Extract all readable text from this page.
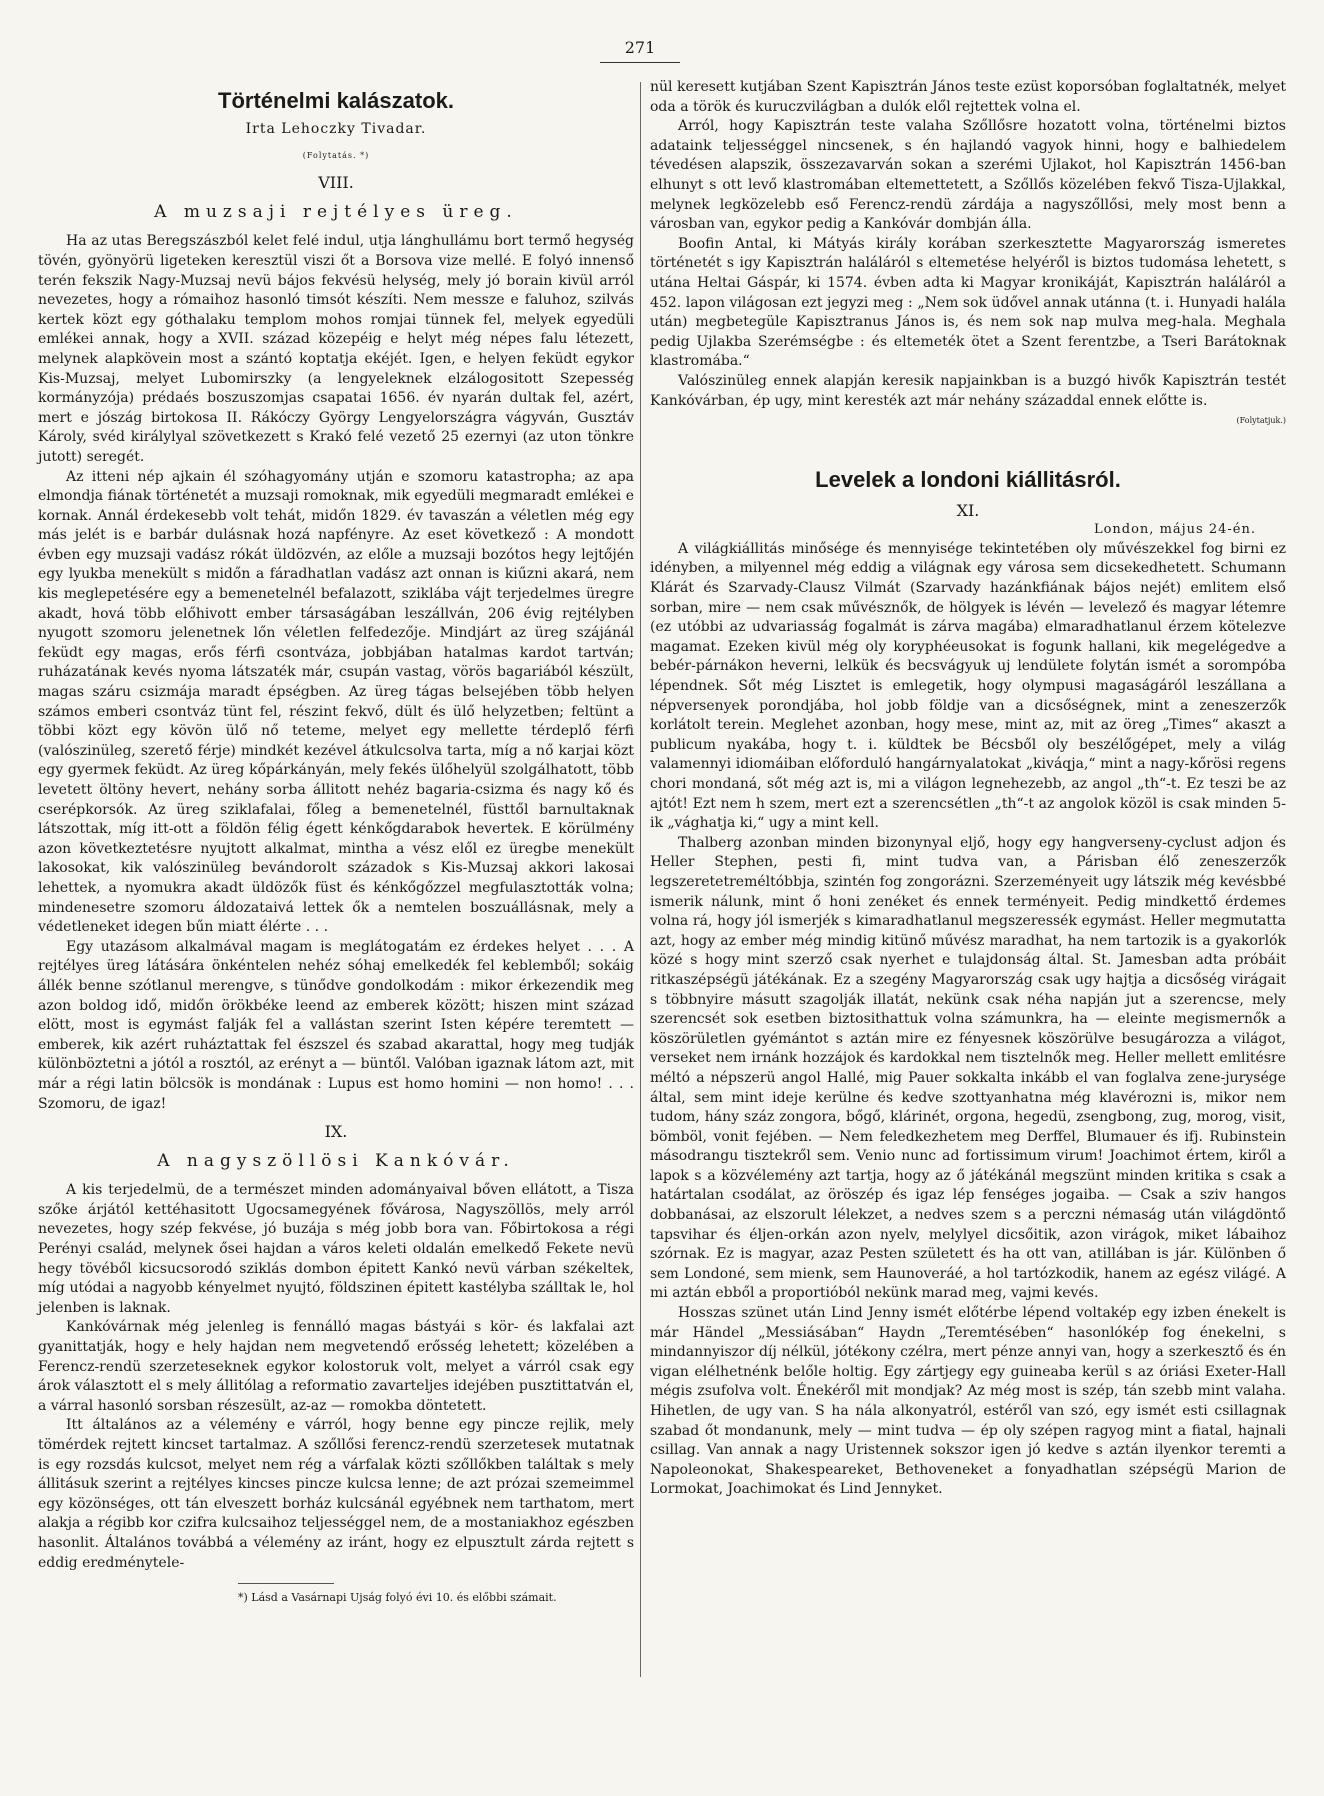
271

Történelmi kalászatok.

Irta Lehoczky Tivadar.

(Folytatás. *)

VIII.

A muzsaji rejtélyes üreg.

Ha az utas Beregszászból kelet felé indul, utja lánghullámu bort termő hegység tövén, gyönyörü ligeteken keresztül viszi őt a Borsova vize mellé. E folyó innenső terén fekszik Nagy-Muzsaj nevü bájos fekvésü helység, mely jó borain kivül arról nevezetes, hogy a rómaihoz hasonló timsót készíti. Nem messze e faluhoz, szilvás kertek közt egy góthalaku templom mohos romjai tünnek fel, melyek egyedüli emlékei annak, hogy a XVII. század közepéig e helyt még népes falu létezett, melynek alapkövein most a szántó koptatja ekéjét. Igen, e helyen feküdt egykor Kis-Muzsaj, melyet Lubomirszky (a lengyeleknek elzálogositott Szepesség kormányzója) prédaés boszuszomjas csapatai 1656. év nyarán dultak fel, azért, mert e jószág birtokosa II. Rákóczy György Lengyelországra vágyván, Gusztáv Károly, svéd királylyal szövetkezett s Krakó felé vezető 25 ezernyi (az uton tönkre jutott) seregét.

Az itteni nép ajkain él szóhagyomány utján e szomoru katastropha; az apa elmondja fiának történetét a muzsaji romoknak, mik egyedüli megmaradt emlékei e kornak. Annál érdekesebb volt tehát, midőn 1829. év tavaszán a véletlen még egy más jelét is e barbár dulásnak hozá napfényre. Az eset következő : A mondott évben egy muzsaji vadász rókát üldözvén, az előle a muzsaji bozótos hegy lejtőjén egy lyukba menekült s midőn a fáradhatlan vadász azt onnan is kiűzni akará, nem kis meglepetésére egy a bemenetelnél befalazott, sziklába vájt terjedelmes üregre akadt, hová több előhivott ember társaságában leszállván, 206 évig rejtélyben nyugott szomoru jelenetnek lőn véletlen felfedezője. Mindjárt az üreg szájánál feküdt egy magas, erős férfi csontváza, jobbjában hatalmas kardot tartván; ruházatának kevés nyoma látszaték már, csupán vastag, vörös bagariából készült, magas száru csizmája maradt épségben. Az üreg tágas belsejében több helyen számos emberi csontváz tünt fel, részint fekvő, dült és ülő helyzetben; feltünt a többi közt egy kövön ülő nő teteme, melyet egy mellette térdeplő férfi (valószinüleg, szerető férje) mindkét kezével átkulcsolva tarta, míg a nő karjai közt egy gyermek feküdt. Az üreg kőpárkányán, mely fekés ülőhelyül szolgálhatott, több levetett öltöny hevert, nehány sorba állitott nehéz bagaria-csizma és nagy kő és cserépkorsók. Az üreg sziklafalai, főleg a bemenetelnél, füsttől barnultaknak látszottak, míg itt-ott a földön félig égett kénkőgdarabok hevertek. E körülmény azon következtetésre nyujtott alkalmat, mintha a vész elől ez üregbe menekült lakosokat, kik valószinüleg bevándorolt századok s Kis-Muzsaj akkori lakosai lehettek, a nyomukra akadt üldözők füst és kénkőgőzzel megfulasztották volna; mindenesetre szomoru áldozataivá lettek ők a nemtelen boszuállásnak, mely a védetleneket idegen bűn miatt élérte . . .

Egy utazásom alkalmával magam is meglátogatám ez érdekes helyet . . . A rejtélyes üreg látására önkéntelen nehéz sóhaj emelkedék fel keblemből; sokáig állék benne szótlanul merengve, s tünődve gondolkodám : mikor érkezendik meg azon boldog idő, midőn örökbéke leend az emberek között; hiszen mint század elött, most is egymást falják fel a vallástan szerint Isten képére teremtett — emberek, kik azért ruháztattak fel észszel és szabad akarattal, hogy meg tudják különböztetni a jótól a rosztól, az erényt a — büntől. Valóban igaznak látom azt, mit már a régi latin bölcsök is mondának : Lupus est homo homini — non homo! . . . Szomoru, de igaz!

IX.

A nagyszöllösi Kankóvár.

A kis terjedelmü, de a természet minden adományaival bőven ellátott, a Tisza szőke árjától kettéhasitott Ugocsamegyének fővárosa, Nagyszöllös, mely arról nevezetes, hogy szép fekvése, jó buzája s még jobb bora van. Főbirtokosa a régi Perényi család, melynek ősei hajdan a város keleti oldalán emelkedő Fekete nevü hegy tövéből kicsucsorodó sziklás dombon épitett Kankó nevü várban székeltek, míg utódai a nagyobb kényelmet nyujtó, földszinen épitett kastélyba szálltak le, hol jelenben is laknak.

Kankóvárnak még jelenleg is fennálló magas bástyái s kör- és lakfalai azt gyanittatják, hogy e hely hajdan nem megvetendő erősség lehetett; közelében a Ferencz-rendü szerzeteseknek egykor kolostoruk volt, melyet a várról csak egy árok választott el s mely állitólag a reformatio zavarteljes idejében pusztittatván el, a várral hasonló sorsban részesült, az-az — romokba döntetett.

Itt általános az a vélemény e várról, hogy benne egy pincze rejlik, mely tömérdek rejtett kincset tartalmaz. A szőllősi ferencz-rendü szerzetesek mutatnak is egy rozsdás kulcsot, melyet nem rég a várfalak közti szőllőkben találtak s mely állitásuk szerint a rejtélyes kincses pincze kulcsa lenne; de azt prózai szemeimmel egy közönséges, ott tán elveszett borház kulcsánál egyébnek nem tarthatom, mert alakja a régibb kor czifra kulcsaihoz teljességgel nem, de a mostaniakhoz egészben hasonlit. Általános továbbá a vélemény az iránt, hogy ez elpusztult zárda rejtett s eddig eredménytele-

*) Lásd a Vasárnapi Ujság folyó évi 10. és előbbi számait.

nül keresett kutjában Szent Kapisztrán János teste ezüst koporsóban foglaltatnék, melyet oda a török és kuruczvilágban a dulók elől rejtettek volna el.

Arról, hogy Kapisztrán teste valaha Szőllősre hozatott volna, történelmi biztos adataink teljességgel nincsenek, s én hajlandó vagyok hinni, hogy e balhiedelem tévedésen alapszik, összezavarván sokan a szerémi Ujlakot, hol Kapisztrán 1456-ban elhunyt s ott levő klastromában eltemettetett, a Szőllős közelében fekvő Tisza-Ujlakkal, melynek legközelebb eső Ferencz-rendü zárdája a nagyszőllősi, mely most benn a városban van, egykor pedig a Kankóvár dombján álla.

Boofin Antal, ki Mátyás király korában szerkesztette Magyarország ismeretes történetét s igy Kapisztrán haláláról s eltemetése helyéről is biztos tudomása lehetett, s utána Heltai Gáspár, ki 1574. évben adta ki Magyar kronikáját, Kapisztrán haláláról a 452. lapon világosan ezt jegyzi meg : „Nem sok üdővel annak utánna (t. i. Hunyadi halála után) megbetegüle Kapisztranus János is, és nem sok nap mulva meg-hala. Meghala pedig Ujlakba Szerémségbe : és eltemeték ötet a Szent ferentzbe, a Tseri Barátoknak klastromába.“

Valószinüleg ennek alapján keresik napjainkban is a buzgó hivők Kapisztrán testét Kankóvárban, ép ugy, mint keresték azt már nehány századdal ennek előtte is.

(Folytatjuk.)

Levelek a londoni kiállitásról.

XI.

London, május 24-én.

A világkiállitás minősége és mennyisége tekintetében oly művészekkel fog birni ez idényben, a milyennel még eddig a világnak egy városa sem dicsekedhetett. Schumann Klárát és Szarvady-Clausz Vilmát (Szarvady hazánkfiának bájos nejét) emlitem első sorban, mire — nem csak művésznők, de hölgyek is lévén — levelező és magyar létemre (ez utóbbi az udvariasság fogalmát is zárva magába) elmaradhatlanul érzem kötelezve magamat. Ezeken kivül még oly koryphéeusokat is fogunk hallani, kik megelégedve a bebér-párnákon heverni, lelkük és becsvágyuk uj lendülete folytán ismét a sorompóba lépendnek. Sőt még Lisztet is emlegetik, hogy olympusi magaságáról leszállana a népversenyek porondjába, hol jobb földje van a dicsőségnek, mint a zeneszerzők korlátolt terein. Meglehet azonban, hogy mese, mint az, mit az öreg „Times“ akaszt a publicum nyakába, hogy t. i. küldtek be Bécsből oly beszélőgépet, mely a világ valamennyi idiomáiban előforduló hangárnyalatokat „kiváqja,“ mint a nagy-kőrösi regens chori mondaná, sőt még azt is, mi a világon legnehezebb, az angol „th“-t. Ez teszi be az ajtót! Ezt nem h szem, mert ezt a szerencsétlen „th“-t az angolok közöl is csak minden 5-ik „vághatja ki,“ ugy a mint kell.

Thalberg azonban minden bizonynyal eljő, hogy egy hangverseny-cyclust adjon és Heller Stephen, pesti fi, mint tudva van, a Párisban élő zeneszerzők legszeretetreméltóbbja, szintén fog zongorázni. Szerzeményeit ugy látszik még kevésbbé ismerik nálunk, mint ő honi zenéket és ennek terményeit. Pedig mindkettő érdemes volna rá, hogy jól ismerjék s kimaradhatlanul megszeressék egymást. Heller megmutatta azt, hogy az ember még mindig kitünő művész maradhat, ha nem tartozik is a gyakorlók közé s hogy mint szerző csak nyerhet e tulajdonság által. St. Jamesban adta próbáit ritkaszépségü játékának. Ez a szegény Magyarország csak ugy hajtja a dicsőség virágait s többnyire másutt szagolják illatát, nekünk csak néha napján jut a szerencse, mely szerencsét sok esetben biztosithattuk volna számunkra, ha — eleinte megismernők a köszörületlen gyémántot s aztán mire ez fényesnek köszörülve besugározza a világot, verseket nem irnánk hozzájok és kardokkal nem tisztelnők meg. Heller mellett emlitésre méltó a népszerü angol Hallé, mig Pauer sokkalta inkább el van foglalva zene-jurysége által, sem mint ideje kerülne és kedve szottyanhatna még klavérozni is, mikor nem tudom, hány száz zongora, bőgő, klárinét, orgona, hegedü, zsengbong, zug, morog, visit, bömböl, vonit fejében. — Nem feledkezhetem meg Derffel, Blumauer és ifj. Rubinstein másodrangu tisztekről sem. Venio nunc ad fortissimum virum! Joachimot értem, kiről a lapok s a közvélemény azt tartja, hogy az ő játékánál megszünt minden kritika s csak a határtalan csodálat, az öröszép és igaz lép fenséges jogaiba. — Csak a sziv hangos dobbanásai, az elszorult lélekzet, a nedves szem s a perczni némaság után világdöntő tapsvihar és éljen-orkán azon nyelv, melylyel dicsőitik, azon virágok, miket lábaihoz szórnak. Ez is magyar, azaz Pesten született és ha ott van, atillában is jár. Különben ő sem Londoné, sem mienk, sem Haunoveráé, a hol tartózkodik, hanem az egész világé. A mi aztán ebből a proportióból nekünk marad meg, vajmi kevés.

Hosszas szünet után Lind Jenny ismét előtérbe lépend voltakép egy izben énekelt is már Händel „Messiásában“ Haydn „Teremtésében“ hasonlókép fog énekelni, s mindannyiszor díj nélkül, jótékony czélra, mert pénze annyi van, hogy a szerkesztő és én vigan elélhetnénk belőle holtig. Egy zártjegy egy guineaba kerül s az óriási Exeter-Hall mégis zsufolva volt. Énekéről mit mondjak? Az még most is szép, tán szebb mint valaha. Hihetlen, de ugy van. S ha nála alkonyatról, estéről van szó, egy ismét esti csillagnak szabad őt mondanunk, mely — mint tudva — ép oly szépen ragyog mint a fiatal, hajnali csillag. Van annak a nagy Uristennek sokszor igen jó kedve s aztán ilyenkor teremti a Napoleonokat, Shakespeareket, Bethoveneket a fonyadhatlan szépségü Marion de Lormokat, Joachimokat és Lind Jennyket.
